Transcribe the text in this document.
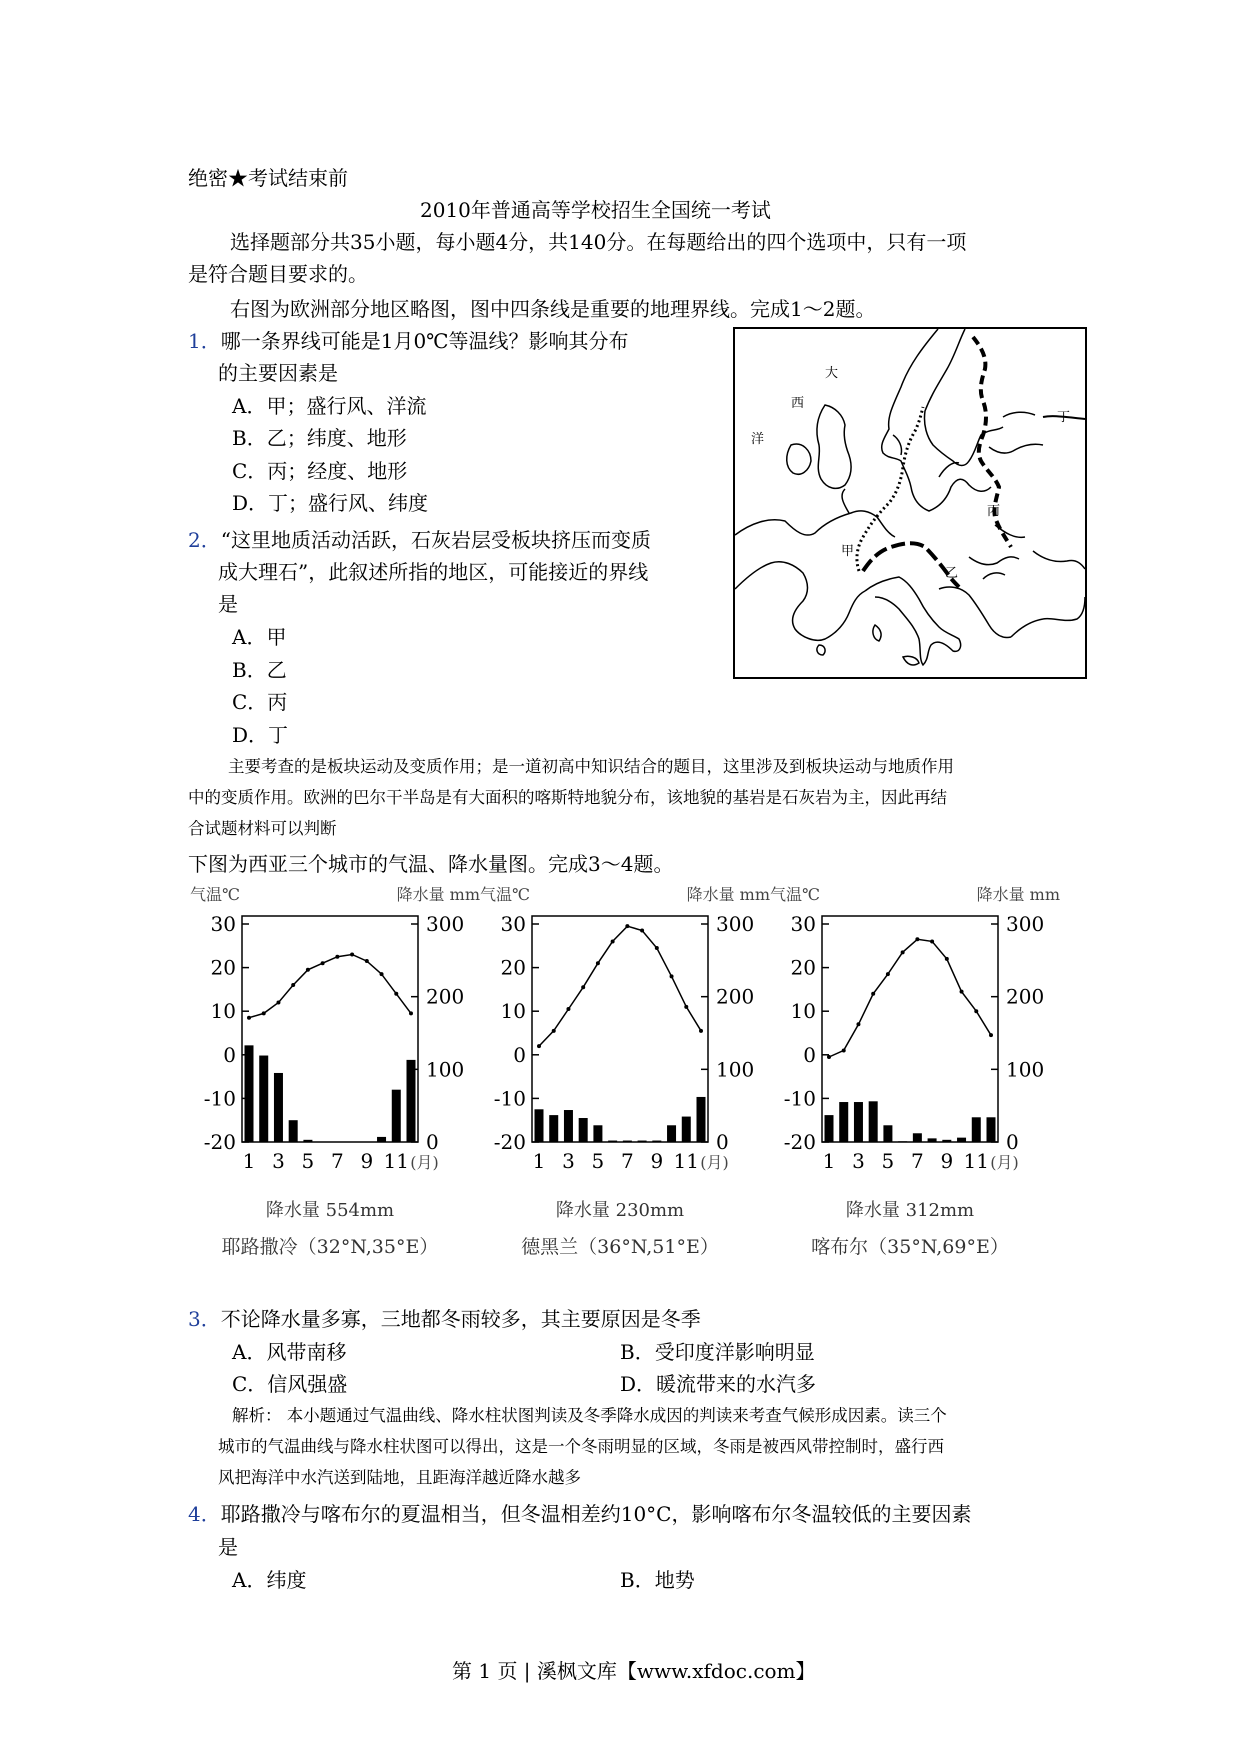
绝密★考试结束前
2010年普通高等学校招生全国统一考试
选择题部分共35小题，每小题4分，共140分。在每题给出的四个选项中，只有一项
是符合题目要求的。
右图为欧洲部分地区略图，图中四条线是重要的地理界线。完成1～2题。
1．哪一条界线可能是1月0℃等温线？影响其分布
的主要因素是
A．甲；盛行风、洋流
B．乙；纬度、地形
C．丙；经度、地形
D．丁；盛行风、纬度
2．“这里地质活动活跃，石灰岩层受板块挤压而变质
成大理石”，此叙述所指的地区，可能接近的界线
是
A．甲
B．乙
C．丙
D．丁
主要考查的是板块运动及变质作用；是一道初高中知识结合的题目，这里涉及到板块运动与地质作用
中的变质作用。欧洲的巴尔干半岛是有大面积的喀斯特地貌分布，该地貌的基岩是石灰岩为主，因此再结
合试题材料可以判断
大
西
洋
甲
乙
丙
丁
下图为西亚三个城市的气温、降水量图。完成3～4题。
气温℃	降水量 mm
30
20
10
0
-10
-20
300
200
100
0
1 3 5 7 9 11 (月)
降水量 554mm
耶路撒冷（32°N,35°E）
气温℃	降水量 mm
30
20
10
0
-10
-20
300
200
100
0
1 3 5 7 9 11 (月)
降水量 230mm
德黑兰（36°N,51°E）
气温℃	降水量 mm
30
20
10
0
-10
-20
300
200
100
0
1 3 5 7 9 11 (月)
降水量 312mm
喀布尔（35°N,69°E）
3．不论降水量多寡，三地都冬雨较多，其主要原因是冬季
A．风带南移	B．受印度洋影响明显
C．信风强盛	D．暖流带来的水汽多
解析： 本小题通过气温曲线、降水柱状图判读及冬季降水成因的判读来考查气候形成因素。读三个
城市的气温曲线与降水柱状图可以得出，这是一个冬雨明显的区域，冬雨是被西风带控制时，盛行西
风把海洋中水汽送到陆地，且距海洋越近降水越多
4．耶路撒冷与喀布尔的夏温相当，但冬温相差约10°C，影响喀布尔冬温较低的主要因素
是
A．纬度	B．地势
第 1 页 | 溪枫文库【www.xfdoc.com】
